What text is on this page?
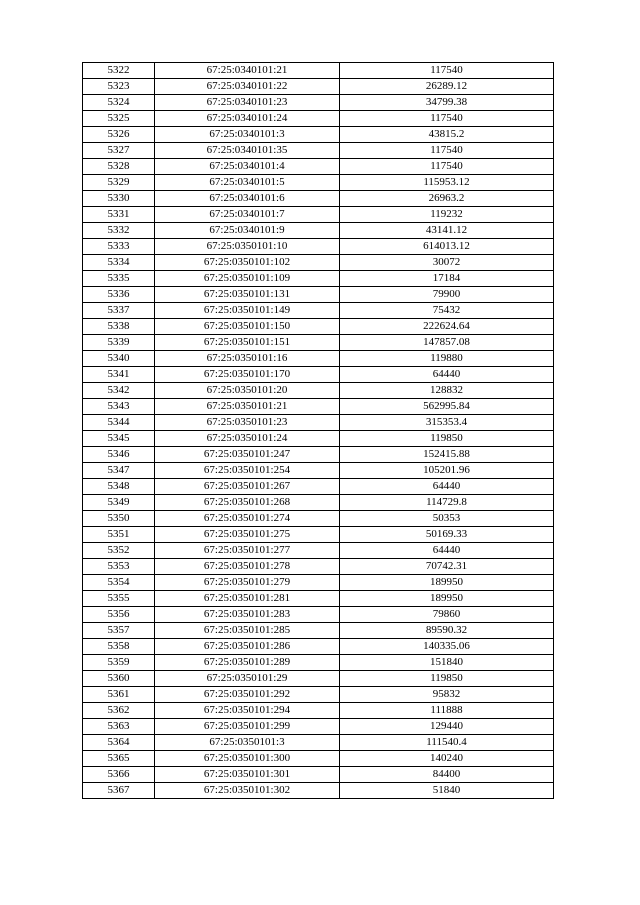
5322	67:25:0340101:21	117540
5323	67:25:0340101:22	26289.12
5324	67:25:0340101:23	34799.38
5325	67:25:0340101:24	117540
5326	67:25:0340101:3	43815.2
5327	67:25:0340101:35	117540
5328	67:25:0340101:4	117540
5329	67:25:0340101:5	115953.12
5330	67:25:0340101:6	26963.2
5331	67:25:0340101:7	119232
5332	67:25:0340101:9	43141.12
5333	67:25:0350101:10	614013.12
5334	67:25:0350101:102	30072
5335	67:25:0350101:109	17184
5336	67:25:0350101:131	79900
5337	67:25:0350101:149	75432
5338	67:25:0350101:150	222624.64
5339	67:25:0350101:151	147857.08
5340	67:25:0350101:16	119880
5341	67:25:0350101:170	64440
5342	67:25:0350101:20	128832
5343	67:25:0350101:21	562995.84
5344	67:25:0350101:23	315353.4
5345	67:25:0350101:24	119850
5346	67:25:0350101:247	152415.88
5347	67:25:0350101:254	105201.96
5348	67:25:0350101:267	64440
5349	67:25:0350101:268	114729.8
5350	67:25:0350101:274	50353
5351	67:25:0350101:275	50169.33
5352	67:25:0350101:277	64440
5353	67:25:0350101:278	70742.31
5354	67:25:0350101:279	189950
5355	67:25:0350101:281	189950
5356	67:25:0350101:283	79860
5357	67:25:0350101:285	89590.32
5358	67:25:0350101:286	140335.06
5359	67:25:0350101:289	151840
5360	67:25:0350101:29	119850
5361	67:25:0350101:292	95832
5362	67:25:0350101:294	111888
5363	67:25:0350101:299	129440
5364	67:25:0350101:3	111540.4
5365	67:25:0350101:300	140240
5366	67:25:0350101:301	84400
5367	67:25:0350101:302	51840
